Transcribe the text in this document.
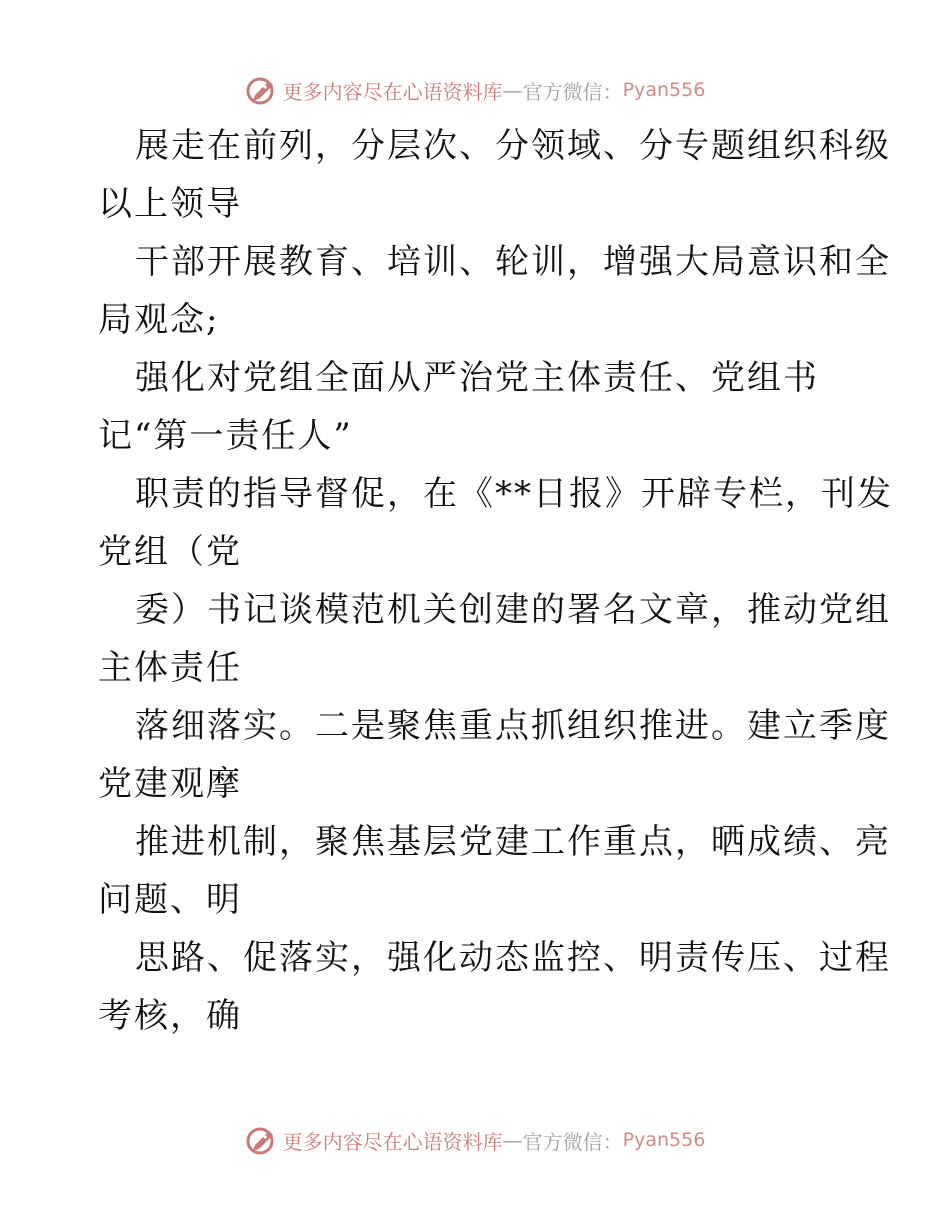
更多内容尽在心语资料库 — 官方微信： Pyan556
展走在前列，分层次、分领域、分专题组织科级
以上领导
干部开展教育、培训、轮训，增强大局意识和全
局观念;
强化对党组全面从严治党主体责任、党组书
记“第一责任人”
职责的指导督促，在《**日报》开辟专栏，刊发
党组（党
委）书记谈模范机关创建的署名文章，推动党组
主体责任
落细落实。二是聚焦重点抓组织推进。建立季度
党建观摩
推进机制，聚焦基层党建工作重点，晒成绩、亮
问题、明
思路、促落实，强化动态监控、明责传压、过程
考核，确
更多内容尽在心语资料库 — 官方微信： Pyan556
